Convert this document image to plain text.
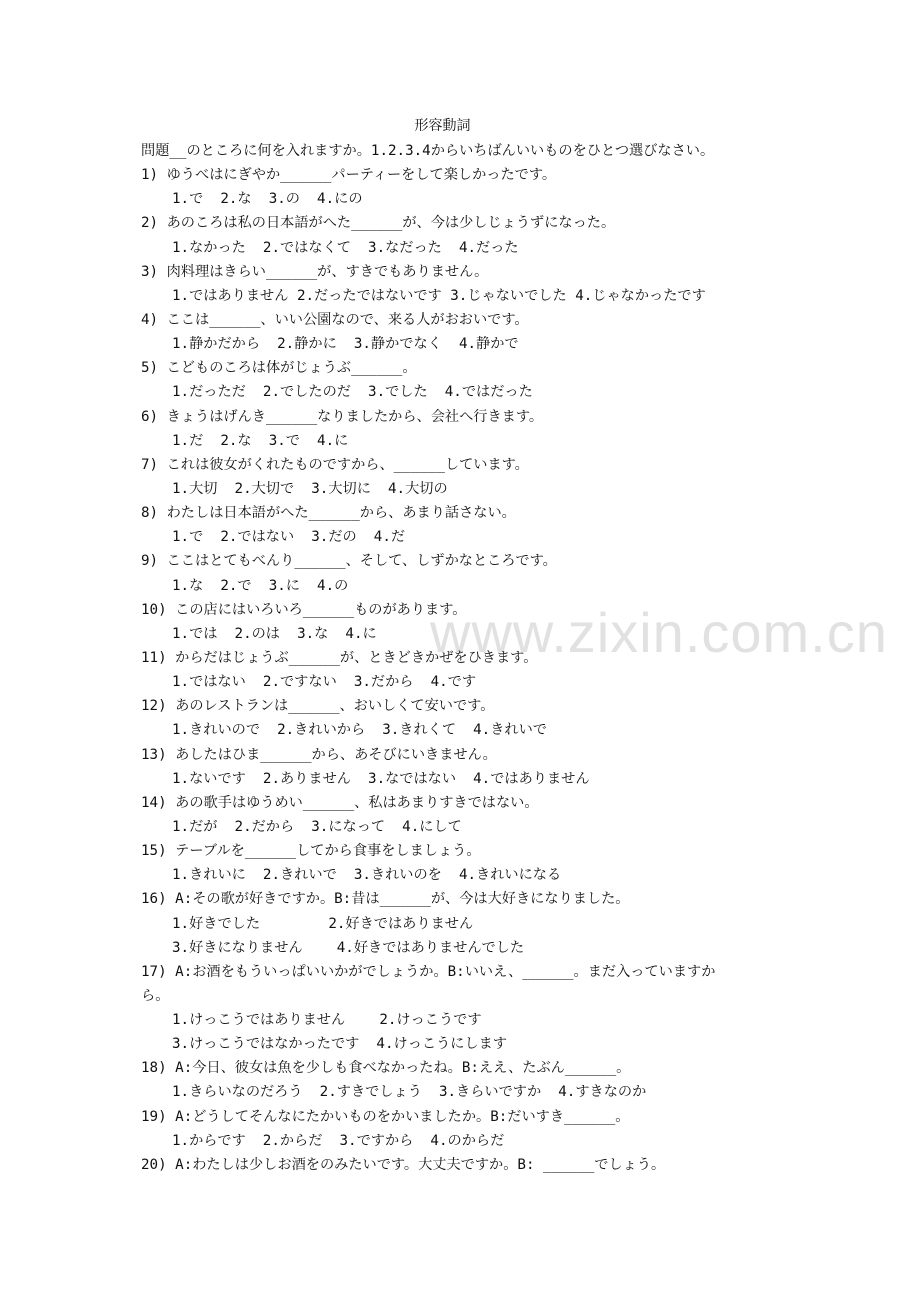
形容動詞
www.zixin.com.cn
問題__のところに何を入れますか。1.2.3.4からいちばんいいものをひとつ選びなさい。
1) ゆうべはにぎやか______パーティーをして楽しかったです。
1.で  2.な  3.の  4.にの
2) あのころは私の日本語がへた______が、今は少しじょうずになった。
1.なかった  2.ではなくて  3.なだった  4.だった
3) 肉料理はきらい______が、すきでもありません。
1.ではありません 2.だったではないです 3.じゃないでした 4.じゃなかったです
4) ここは______、いい公園なので、来る人がおおいです。
1.静かだから  2.静かに  3.静かでなく  4.静かで
5) こどものころは体がじょうぶ______。
1.だっただ  2.でしたのだ  3.でした  4.ではだった
6) きょうはげんき______なりましたから、会社へ行きます。
1.だ  2.な  3.で  4.に
7) これは彼女がくれたものですから、______しています。
1.大切  2.大切で  3.大切に  4.大切の
8) わたしは日本語がへた______から、あまり話さない。
1.で  2.ではない  3.だの  4.だ
9) ここはとてもべんり______、そして、しずかなところです。
1.な  2.で  3.に  4.の
10) この店にはいろいろ______ものがあります。
1.では  2.のは  3.な  4.に
11) からだはじょうぶ______が、ときどきかぜをひきます。
1.ではない  2.ですない  3.だから  4.です
12) あのレストランは______、おいしくて安いです。
1.きれいので  2.きれいから  3.きれくて  4.きれいで
13) あしたはひま______から、あそびにいきません。
1.ないです  2.ありません  3.なではない  4.ではありません
14) あの歌手はゆうめい______、私はあまりすきではない。
1.だが  2.だから  3.になって  4.にして
15) テーブルを______してから食事をしましょう。
1.きれいに  2.きれいで  3.きれいのを  4.きれいになる
16) A:その歌が好きですか。B:昔は______が、今は大好きになりました。
1.好きでした        2.好きではありません
3.好きになりません    4.好きではありませんでした
17) A:お酒をもういっぱいいかがでしょうか。B:いいえ、______。まだ入っていますか
ら。
1.けっこうではありません    2.けっこうです
3.けっこうではなかったです  4.けっこうにします
18) A:今日、彼女は魚を少しも食べなかったね。B:ええ、たぶん______。
1.きらいなのだろう  2.すきでしょう  3.きらいですか  4.すきなのか
19) A:どうしてそんなにたかいものをかいましたか。B:だいすき______。
1.からです  2.からだ  3.ですから  4.のからだ
20) A:わたしは少しお酒をのみたいです。大丈夫ですか。B: ______でしょう。
